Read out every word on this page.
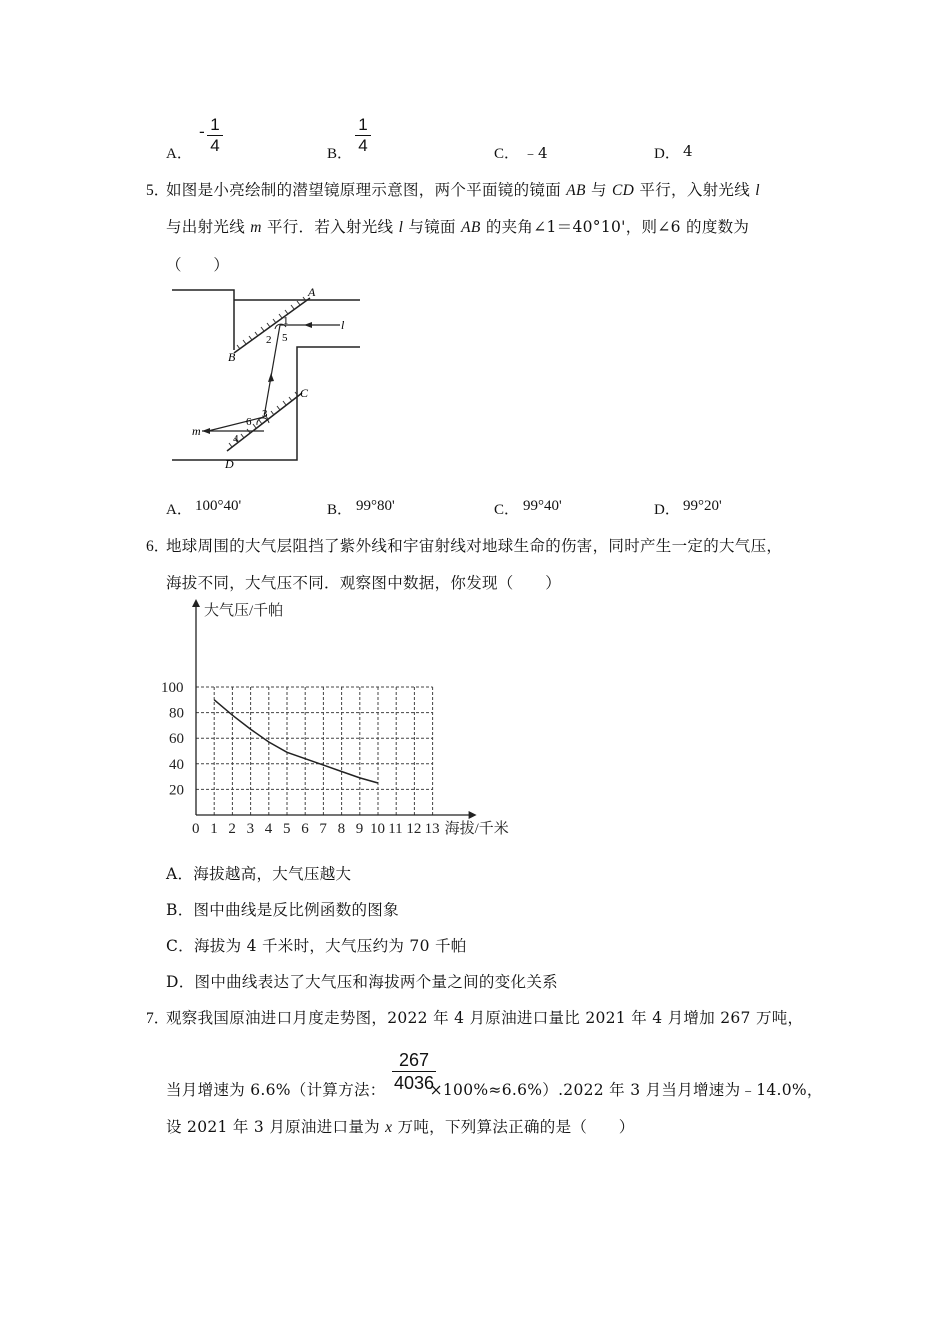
A．
- 1
4	B．
1
4	C． ﹣4	D． 4
5．
如图是小亮绘制的潜望镜原理示意图，两个平面镜的镜面 AB 与 CD 平行，入射光线 l
与出射光线 m 平行．若入射光线 l 与镜面 AB 的夹角∠1＝40°10'，则∠6 的度数为
（　　）
A
B
C
D
l
m
1
2 5
3
6
4
A． 100°40'	B． 99°80'	C． 99°40'	D． 99°20'
6．
地球周围的大气层阻挡了紫外线和宇宙射线对地球生命的伤害，同时产生一定的大气压，
海拔不同，大气压不同．观察图中数据，你发现（　　）
0 1 2 3 4 5 6 7 8 9 10 11 12 13
20
40
60
80
100
海拔/千米
大气压/千帕
A．海拔越高，大气压越大
B．图中曲线是反比例函数的图象
C．海拔为 4 千米时，大气压约为 70 千帕
D．图中曲线表达了大气压和海拔两个量之间的变化关系
7．
观察我国原油进口月度走势图，2022 年 4 月原油进口量比 2021 年 4 月增加 267 万吨，
当月增速为 6.6%（计算方法：	×100%≈6.6%）.2022 年 3 月当月增速为﹣14.0%，
267
4036
设 2021 年 3 月原油进口量为 x 万吨，下列算法正确的是（　　）
